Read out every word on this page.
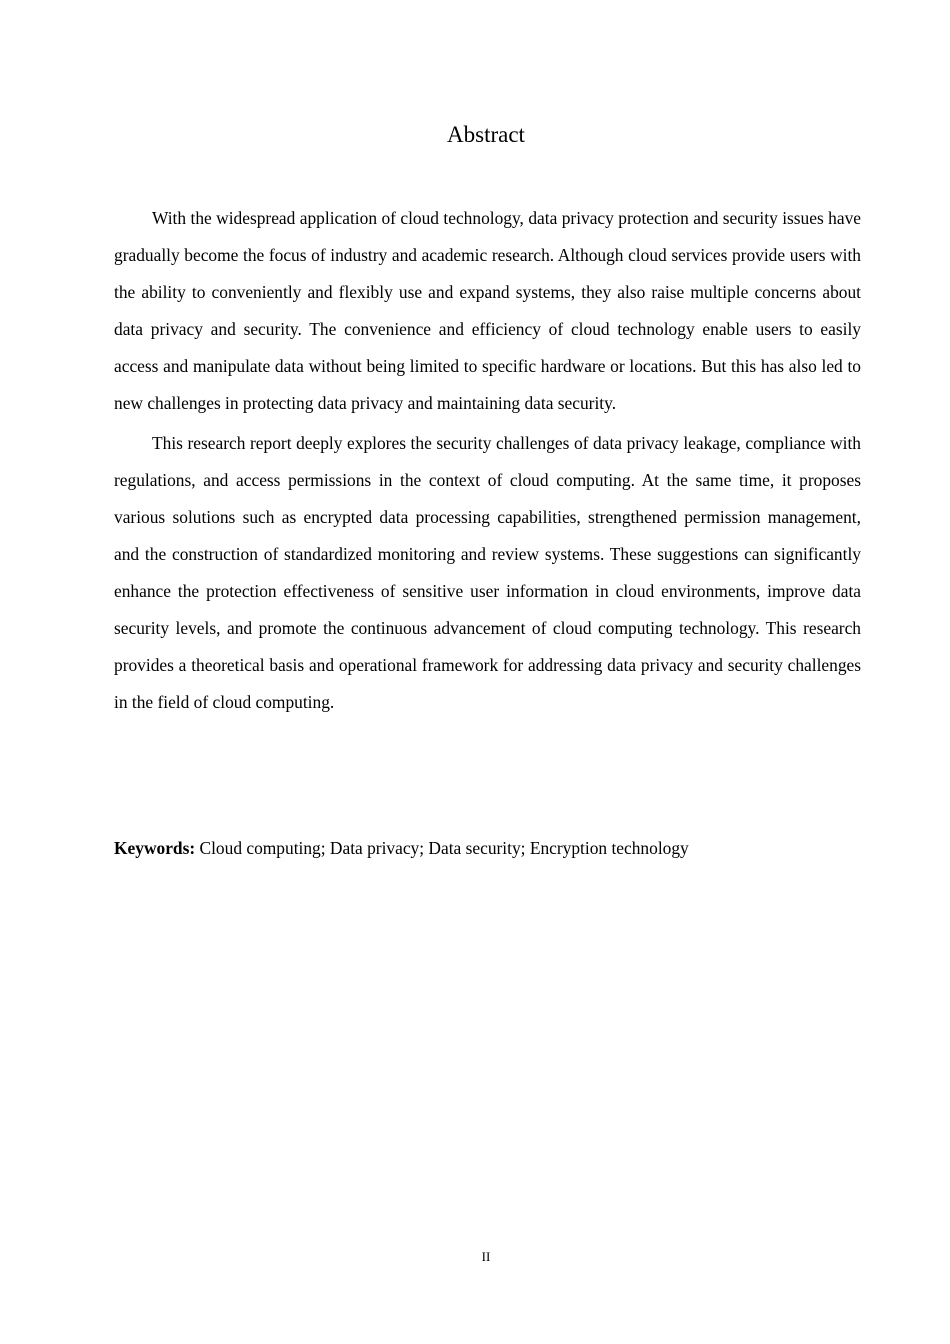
Abstract

With the widespread application of cloud technology, data privacy protection and security issues have gradually become the focus of industry and academic research. Although cloud services provide users with the ability to conveniently and flexibly use and expand systems, they also raise multiple concerns about data privacy and security. The convenience and efficiency of cloud technology enable users to easily access and manipulate data without being limited to specific hardware or locations. But this has also led to new challenges in protecting data privacy and maintaining data security.

This research report deeply explores the security challenges of data privacy leakage, compliance with regulations, and access permissions in the context of cloud computing. At the same time, it proposes various solutions such as encrypted data processing capabilities, strengthened permission management, and the construction of standardized monitoring and review systems. These suggestions can significantly enhance the protection effectiveness of sensitive user information in cloud environments, improve data security levels, and promote the continuous advancement of cloud computing technology. This research provides a theoretical basis and operational framework for addressing data privacy and security challenges in the field of cloud computing.

Keywords: Cloud computing; Data privacy; Data security; Encryption technology
II
